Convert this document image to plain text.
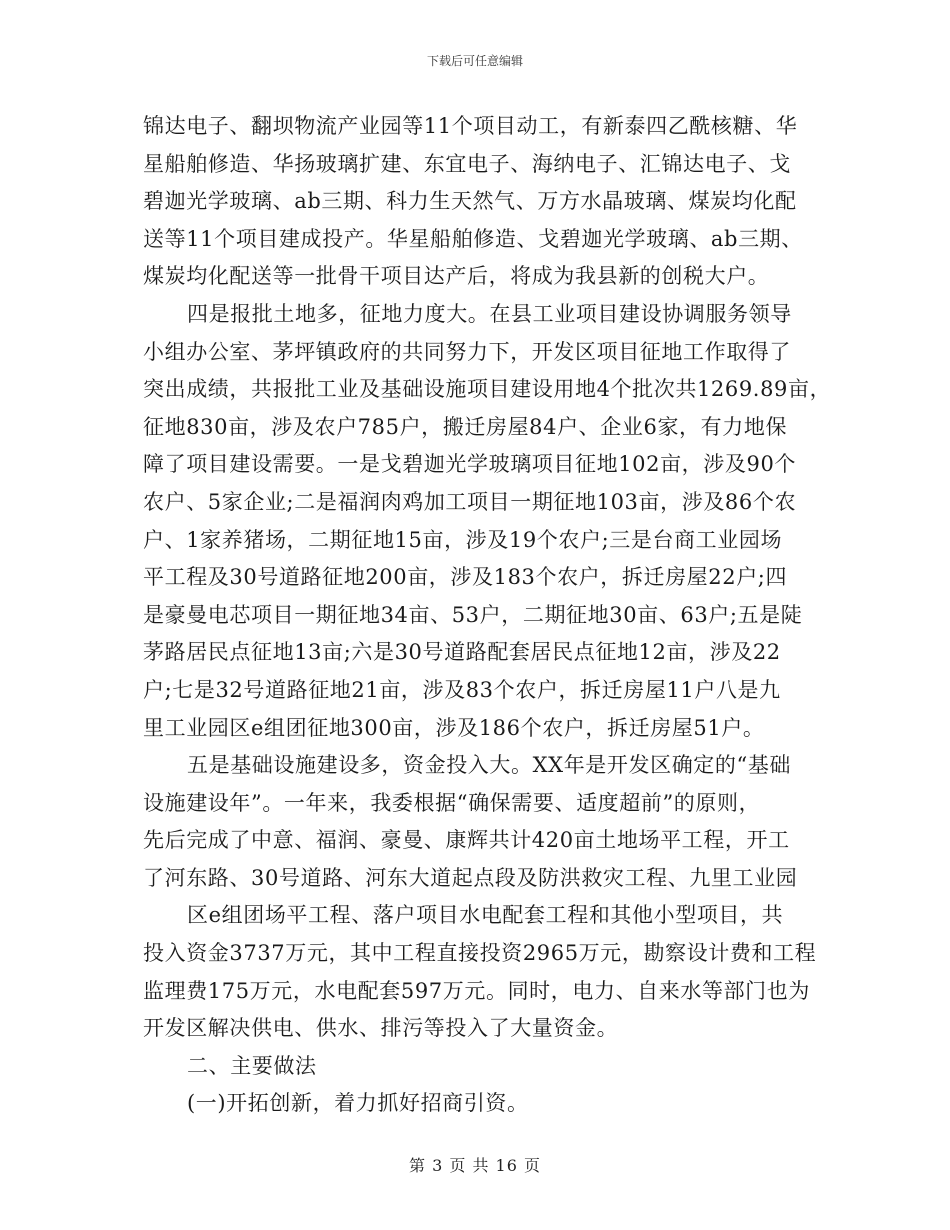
下载后可任意编辑
锦达电子、翻坝物流产业园等11个项目动工，有新泰四乙酰核糖、华
星船舶修造、华扬玻璃扩建、东宜电子、海纳电子、汇锦达电子、戈
碧迦光学玻璃、ab三期、科力生天然气、万方水晶玻璃、煤炭均化配
送等11个项目建成投产。华星船舶修造、戈碧迦光学玻璃、ab三期、
煤炭均化配送等一批骨干项目达产后，将成为我县新的创税大户。
四是报批土地多，征地力度大。在县工业项目建设协调服务领导
小组办公室、茅坪镇政府的共同努力下，开发区项目征地工作取得了
突出成绩，共报批工业及基础设施项目建设用地4个批次共1269.89亩，
征地830亩，涉及农户785户，搬迁房屋84户、企业6家，有力地保
障了项目建设需要。一是戈碧迦光学玻璃项目征地102亩，涉及90个
农户、5家企业;二是福润肉鸡加工项目一期征地103亩，涉及86个农
户、1家养猪场，二期征地15亩，涉及19个农户;三是台商工业园场
平工程及30号道路征地200亩，涉及183个农户，拆迁房屋22户;四
是豪曼电芯项目一期征地34亩、53户，二期征地30亩、63户;五是陡
茅路居民点征地13亩;六是30号道路配套居民点征地12亩，涉及22
户;七是32号道路征地21亩，涉及83个农户，拆迁房屋11户八是九
里工业园区e组团征地300亩，涉及186个农户，拆迁房屋51户。
五是基础设施建设多，资金投入大。XX年是开发区确定的“基础
设施建设年”。一年来，我委根据“确保需要、适度超前”的原则，
先后完成了中意、福润、豪曼、康辉共计420亩土地场平工程，开工
了河东路、30号道路、河东大道起点段及防洪救灾工程、九里工业园
区e组团场平工程、落户项目水电配套工程和其他小型项目，共
投入资金3737万元，其中工程直接投资2965万元，勘察设计费和工程
监理费175万元，水电配套597万元。同时，电力、自来水等部门也为
开发区解决供电、供水、排污等投入了大量资金。
二、主要做法
(一)开拓创新，着力抓好招商引资。
第 3 页 共 16 页
